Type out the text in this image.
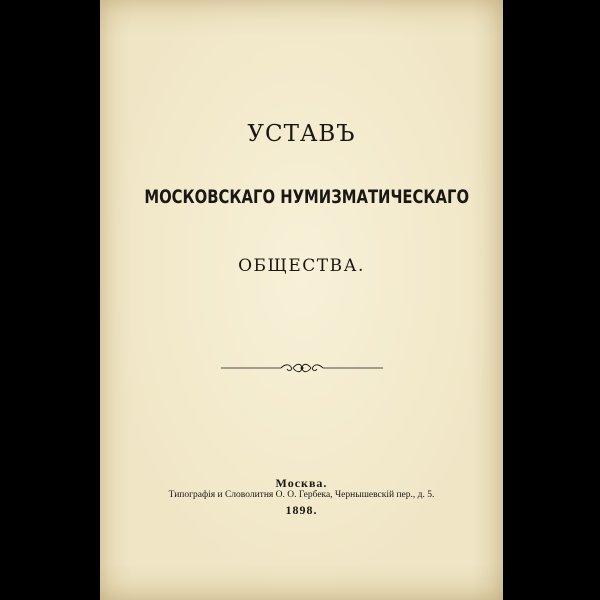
УСТАВЪ
МОСКОВСКАГО НУМИЗМАТИЧЕСКАГО
ОБЩЕСТВА.
Москва.
Типографія и Словолитня О. О. Гербека, Чернышевскій пер., д. 5.
1898.
